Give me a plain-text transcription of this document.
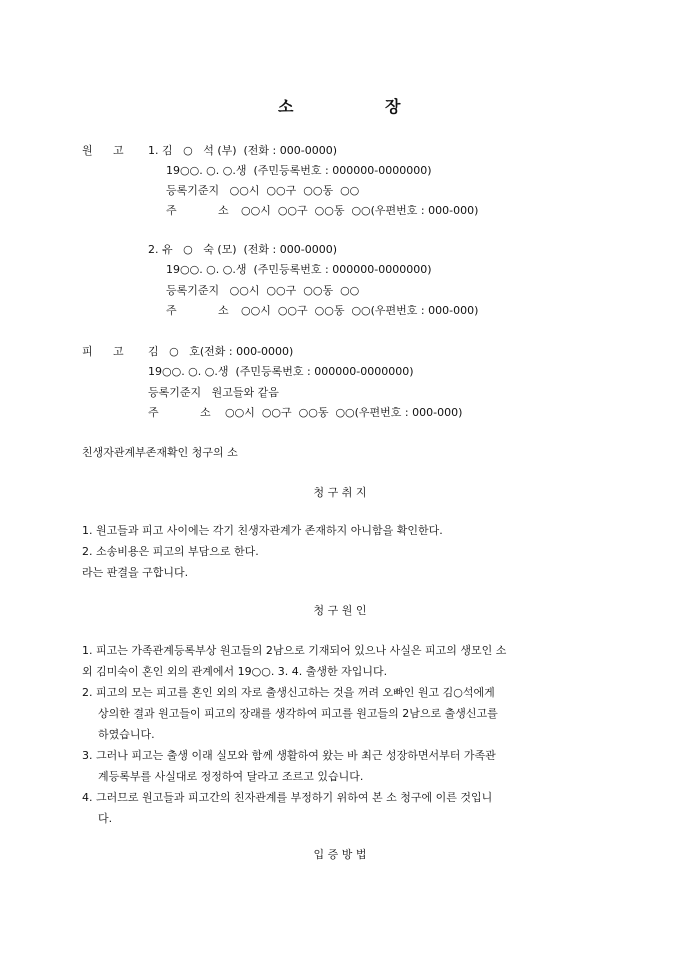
소	장
원 고 1. 김   ○   석 (부)  (전화 : 000-0000)
19○○. ○. ○.생  (주민등록번호 : 000000-0000000)
등록기준지   ○○시  ○○구  ○○동  ○○
주	소 ○○시  ○○구  ○○동  ○○(우편번호 : 000-000)
2. 유   ○   숙 (모)  (전화 : 000-0000)
19○○. ○. ○.생  (주민등록번호 : 000000-0000000)
등록기준지   ○○시  ○○구  ○○동  ○○
주	소 ○○시  ○○구  ○○동  ○○(우편번호 : 000-000)
피 고 김   ○   호(전화 : 000-0000)
19○○. ○. ○.생  (주민등록번호 : 000000-0000000)
등록기준지   원고들와 같음
주	소 ○○시  ○○구  ○○동  ○○(우편번호 : 000-000)
친생자관계부존재확인 청구의 소
청 구 취 지
1. 원고들과 피고 사이에는 각기 친생자관계가 존재하지 아니함을 확인한다.
2. 소송비용은 피고의 부담으로 한다.
라는 판결을 구합니다.
청 구 원 인
1. 피고는 가족관계등록부상 원고들의 2남으로 기재되어 있으나 사실은 피고의 생모인 소
외 김미숙이 혼인 외의 관계에서 19○○. 3. 4. 출생한 자입니다.
2. 피고의 모는 피고를 혼인 외의 자로 출생신고하는 것을 꺼려 오빠인 원고 김○석에게
상의한 결과 원고들이 피고의 장래를 생각하여 피고를 원고들의 2남으로 출생신고를
하였습니다.
3. 그러나 피고는 출생 이래 실모와 함께 생활하여 왔는 바 최근 성장하면서부터 가족관
계등록부를 사실대로 정정하여 달라고 조르고 있습니다.
4. 그러므로 원고들과 피고간의 친자관계를 부정하기 위하여 본 소 청구에 이른 것입니
다.
입 증 방 법
